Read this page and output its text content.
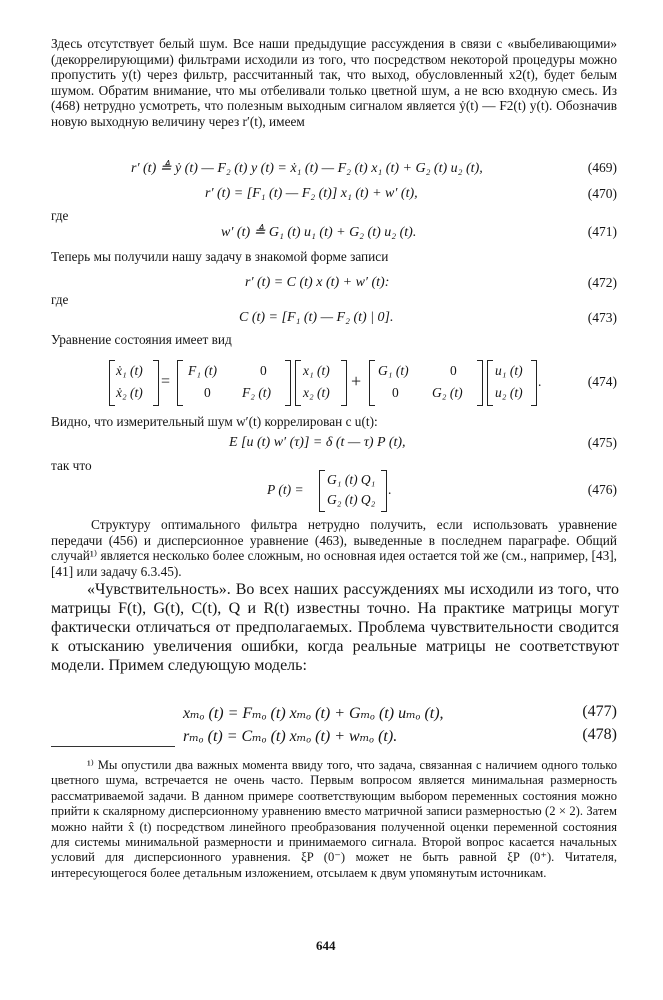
Здесь отсутствует белый шум. Все наши предыдущие рассуждения в связи с «выбеливающими» (декоррелирующими) фильтрами исходили из того, что посредством некоторой процедуры можно пропустить y(t) через фильтр, рассчитанный так, что выход, обусловленный x2(t), будет белым шумом. Обратим внимание, что мы отбеливали только цветной шум, а не всю входную смесь. Из (468) нетрудно усмотреть, что полезным выходным сигналом является ẏ(t) — F2(t) y(t). Обозначив новую выходную величину через r′(t), имеем

r′ (t) ≜ ẏ (t) — F₂ (t) y (t) = ẋ₁ (t) — F₂ (t) x₁ (t) + G₂ (t) u₂ (t),	(469)
r′ (t) = [F₁ (t) — F₂ (t)] x₁ (t) + w′ (t),	(470)
где
w′ (t) ≜ G₁ (t) u₁ (t) + G₂ (t) u₂ (t).	(471)
Теперь мы получили нашу задачу в знакомой форме записи
r′ (t) = C (t) x (t) + w′ (t):	(472)
где
C (t) = [F₁ (t) — F₂ (t) | 0].	(473)
Уравнение состояния имеет вид
ẋ₁ (t)
ẋ₂ (t)
=
F₁ (t)	0
0 F₂ (t)
x₁ (t)
x₂ (t)
+
G₁ (t)	0
0 G₂ (t)
u₁ (t)
u₂ (t)
.	(474)
Видно, что измерительный шум w′(t) коррелирован с u(t):
E [u (t) w′ (τ)] = δ (t — τ) P (t),	(475)
так что
P (t) =
G₁ (t) Q₁
G₂ (t) Q₂
.	(476)

Структуру оптимального фильтра нетрудно получить, если использовать уравнение передачи (456) и дисперсионное уравнение (463), выведенные в последнем параграфе. Общий случай¹⁾ является несколько более сложным, но основная идея остается той же (см., например, [43], [41] или задачу 6.3.45).

«Чувствительность». Во всех наших рассуждениях мы исходили из того, что матрицы F(t), G(t), C(t), Q и R(t) известны точно. На практике матрицы могут фактически отличаться от предполагаемых. Проблема чувствительности сводится к отысканию увеличения ошибки, когда реальные матрицы не соответствуют модели. Примем следующую модель:

xₘₒ (t) = Fₘₒ (t) xₘₒ (t) + Gₘₒ (t) uₘₒ (t),	(477)
rₘₒ (t) = Cₘₒ (t) xₘₒ (t) + wₘₒ (t).	(478)

¹⁾ Мы опустили два важных момента ввиду того, что задача, связанная с наличием одного только цветного шума, встречается не очень часто. Первым вопросом является минимальная размерность рассматриваемой задачи. В данном примере соответствующим выбором переменных состояния можно прийти к скалярному дисперсионному уравнению вместо матричной записи размерностью (2 × 2). Затем можно найти x̂ (t) посредством линейного преобразования полученной оценки переменной состояния для системы минимальной размерности и принимаемого сигнала. Второй вопрос касается начальных условий для дисперсионного уравнения. ξP (0⁻) может не быть равной ξP (0⁺). Читателя, интересующегося более детальным изложением, отсылаем к двум упомянутым источникам.

644
